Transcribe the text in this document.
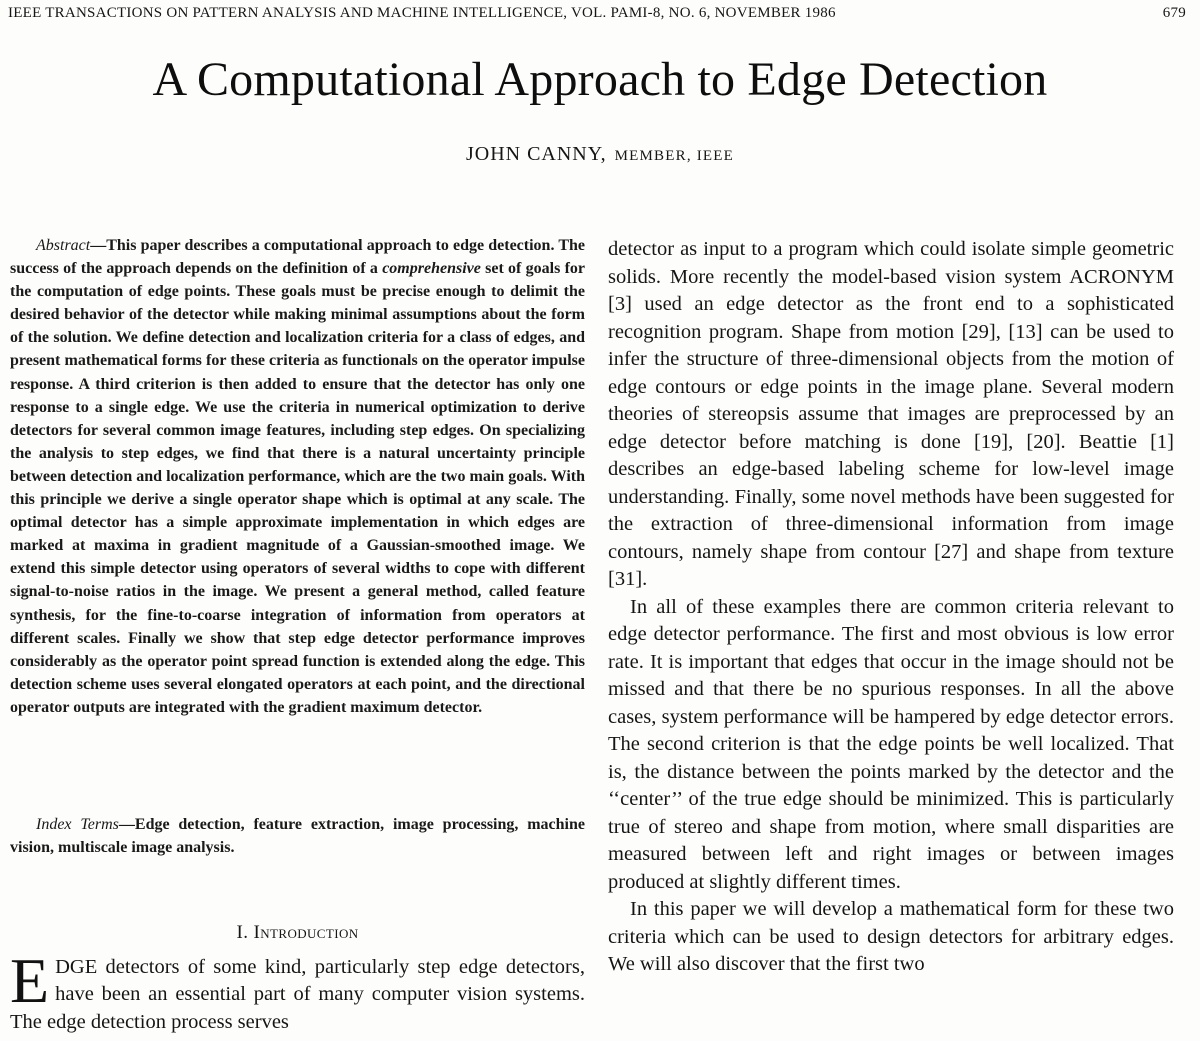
IEEE TRANSACTIONS ON PATTERN ANALYSIS AND MACHINE INTELLIGENCE, VOL. PAMI-8, NO. 6, NOVEMBER 1986	679
A Computational Approach to Edge Detection
JOHN CANNY, MEMBER, IEEE

Abstract—This paper describes a computational approach to edge detection. The success of the approach depends on the definition of a comprehensive set of goals for the computation of edge points. These goals must be precise enough to delimit the desired behavior of the detector while making minimal assumptions about the form of the solution. We define detection and localization criteria for a class of edges, and present mathematical forms for these criteria as functionals on the operator impulse response. A third criterion is then added to ensure that the detector has only one response to a single edge. We use the criteria in numerical optimization to derive detectors for several common image features, including step edges. On specializing the analysis to step edges, we find that there is a natural uncertainty principle between detection and localization performance, which are the two main goals. With this principle we derive a single operator shape which is optimal at any scale. The optimal detector has a simple approximate implementation in which edges are marked at maxima in gradient magnitude of a Gaussian-smoothed image. We extend this simple detector using operators of several widths to cope with different signal-to-noise ratios in the image. We present a general method, called feature synthesis, for the fine-to-coarse integration of information from operators at different scales. Finally we show that step edge detector performance improves considerably as the operator point spread function is extended along the edge. This detection scheme uses several elongated operators at each point, and the directional operator outputs are integrated with the gradient maximum detector.

Index Terms—Edge detection, feature extraction, image processing, machine vision, multiscale image analysis.

I. Introduction

EDGE detectors of some kind, particularly step edge detectors, have been an essential part of many computer vision systems. The edge detection process serves

detector as input to a program which could isolate simple geometric solids. More recently the model-based vision system ACRONYM [3] used an edge detector as the front end to a sophisticated recognition program. Shape from motion [29], [13] can be used to infer the structure of three-dimensional objects from the motion of edge contours or edge points in the image plane. Several modern theories of stereopsis assume that images are preprocessed by an edge detector before matching is done [19], [20]. Beattie [1] describes an edge-based labeling scheme for low-level image understanding. Finally, some novel methods have been suggested for the extraction of three-dimensional information from image contours, namely shape from contour [27] and shape from texture [31].

In all of these examples there are common criteria relevant to edge detector performance. The first and most obvious is low error rate. It is important that edges that occur in the image should not be missed and that there be no spurious responses. In all the above cases, system performance will be hampered by edge detector errors. The second criterion is that the edge points be well localized. That is, the distance between the points marked by the detector and the ‘‘center’’ of the true edge should be minimized. This is particularly true of stereo and shape from motion, where small disparities are measured between left and right images or between images produced at slightly different times.

In this paper we will develop a mathematical form for these two criteria which can be used to design detectors for arbitrary edges. We will also discover that the first two
